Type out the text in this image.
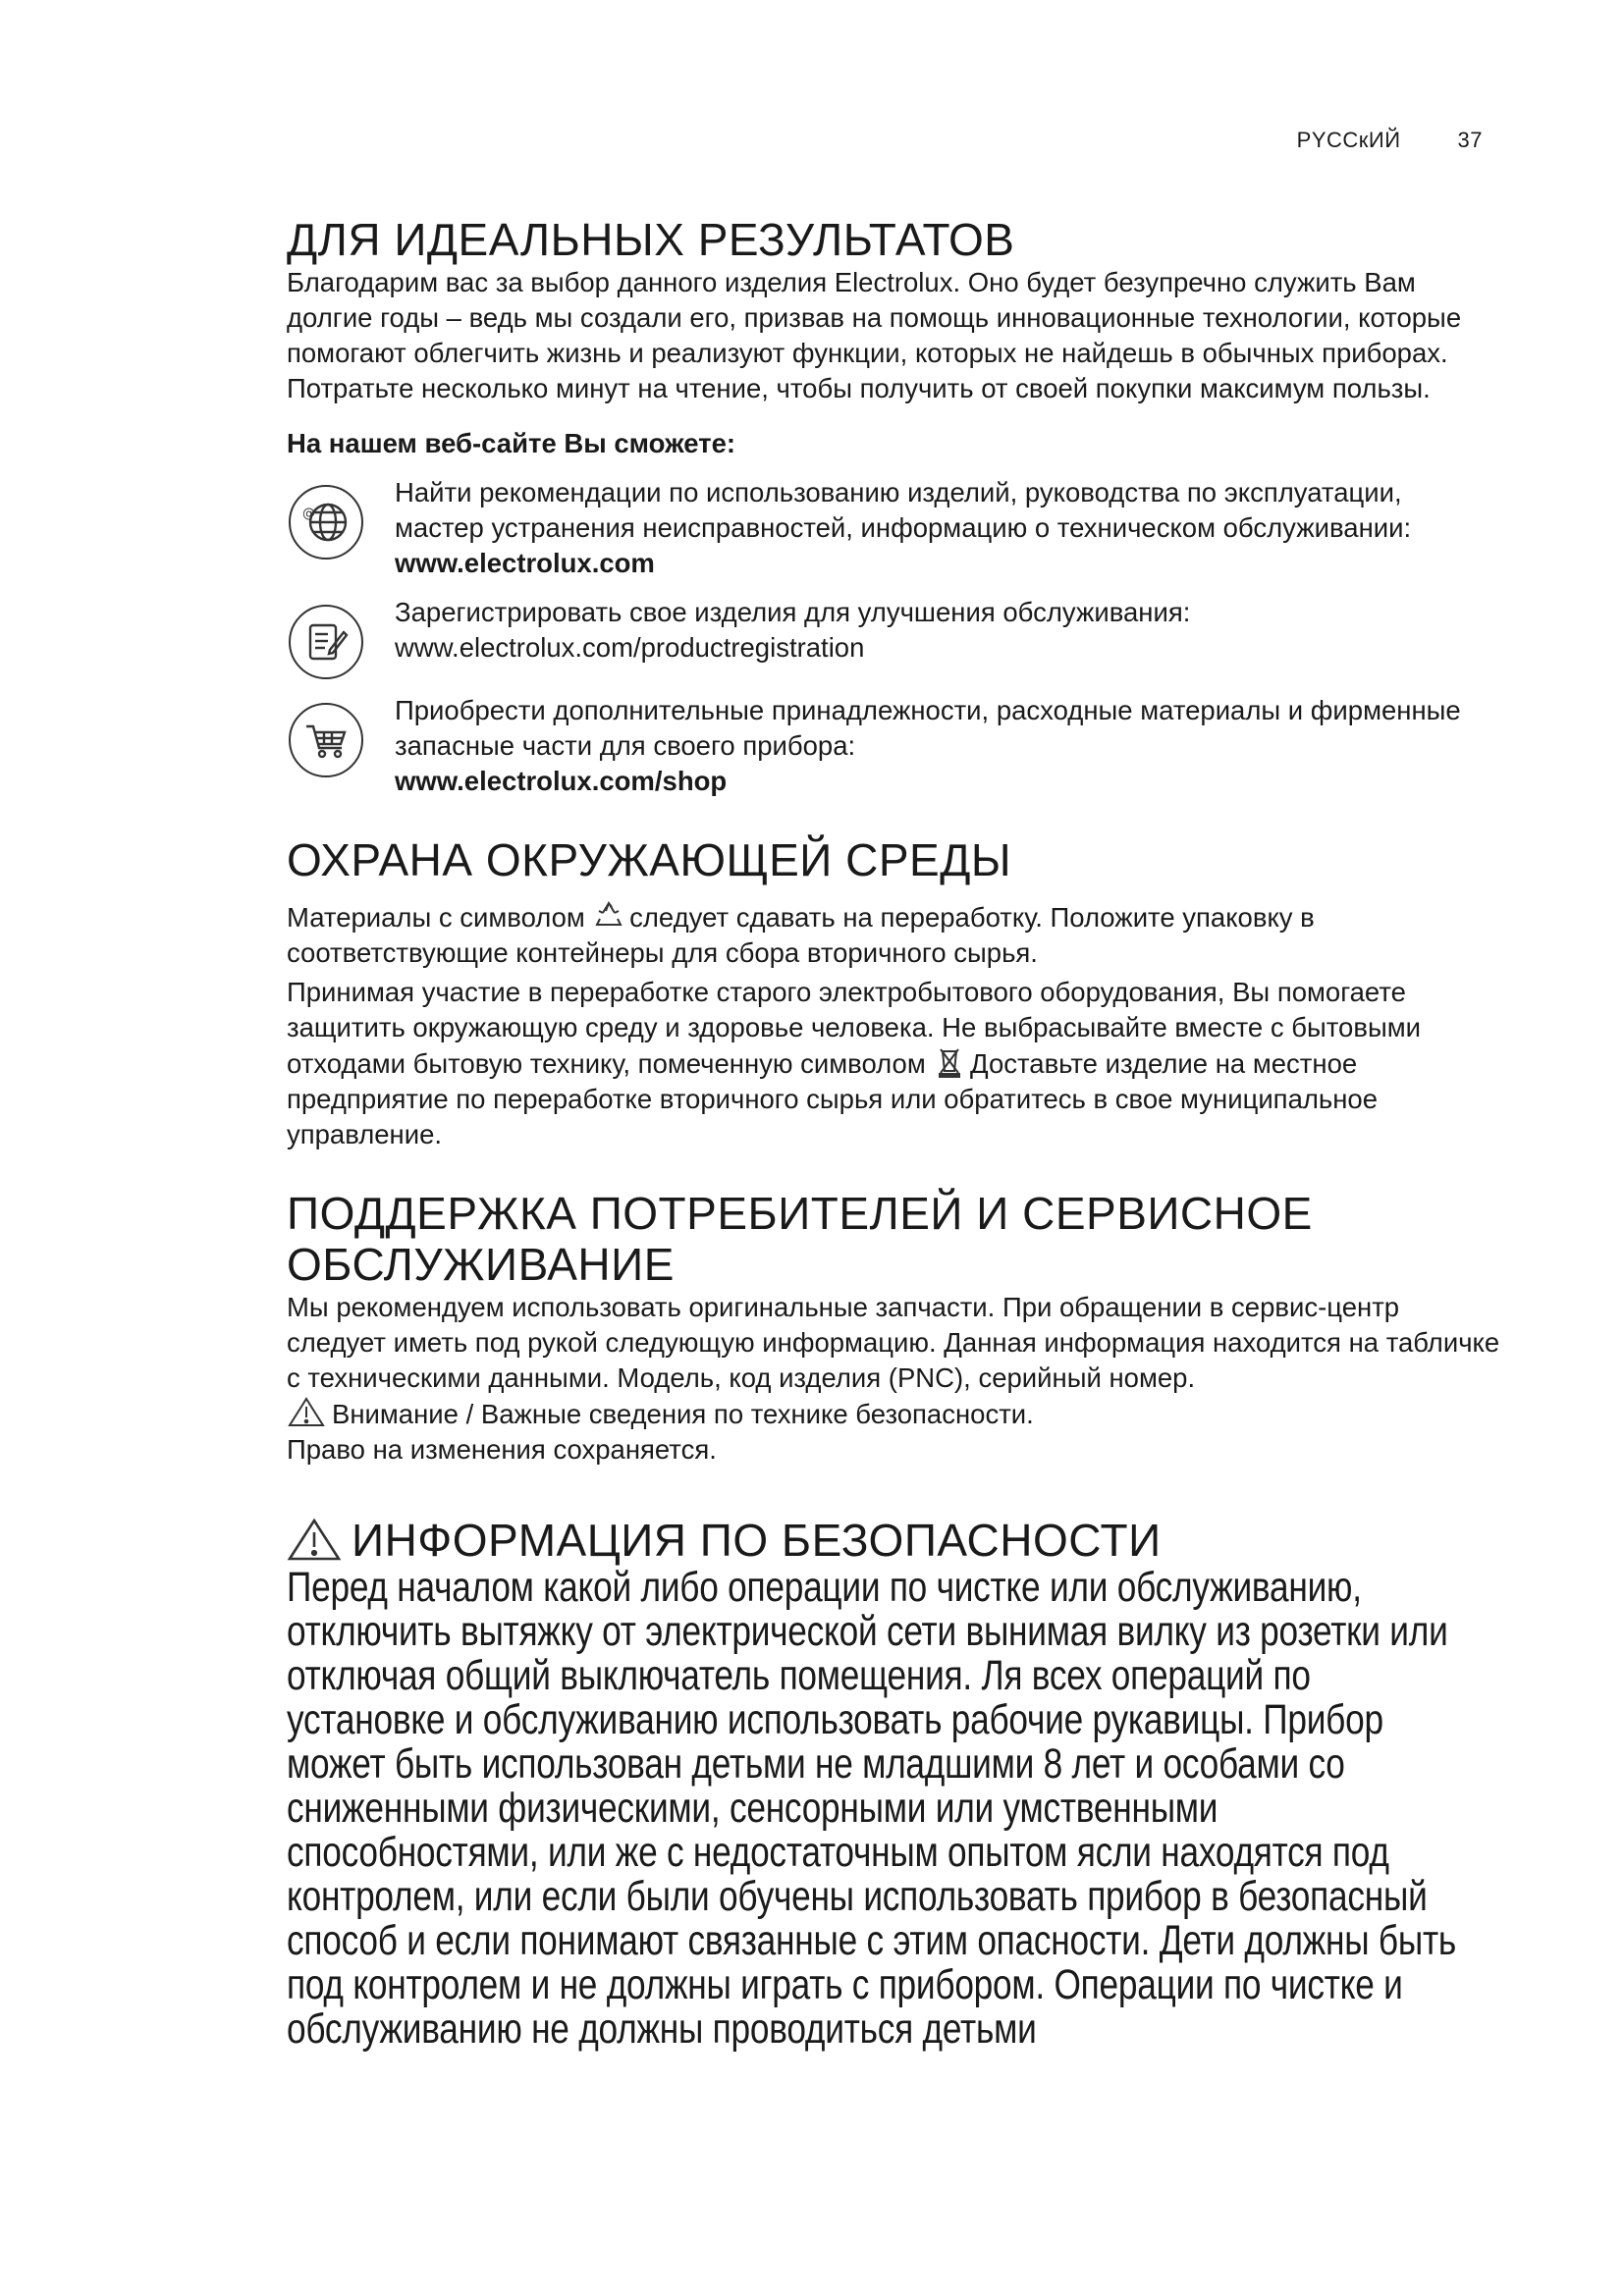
PYCCкИЙ	37
ДЛЯ ИДЕАЛЬНЫХ РЕЗУЛЬТАТОВ

Благодарим вас за выбор данного изделия Electrolux. Оно будет безупречно служить Вам долгие годы – ведь мы создали его, призвав на помощь инновационные технологии, которые помогают облегчить жизнь и реализуют функции, которых не найдешь в обычных приборах. Потратьте несколько минут на чтение, чтобы получить от своей покупки максимум пользы.

На нашем веб-сайте Вы сможете:

@
Найти рекомендации по использованию изделий, руководства по эксплуатации, мастер устранения неисправностей, информацию о техническом обслуживании:
www.electrolux.com
Зарегистрировать свое изделия для улучшения обслуживания:
www.electrolux.com/productregistration
Приобрести дополнительные принадлежности, расходные материалы и фирменные запасные части для своего прибора:
www.electrolux.com/shop
ОХРАНА ОКРУЖАЮЩЕЙ СРЕДЫ

Материалы с символом следует сдавать на переработку. Положите упаковку в соответствующие контейнеры для сбора вторичного сырья.

Принимая участие в переработке старого электробытового оборудования, Вы помогаете защитить окружающую среду и здоровье человека. Не выбрасывайте вместе с бытовыми отходами бытовую технику, помеченную символом Доставьте изделие на местное предприятие по переработке вторичного сырья или обратитесь в свое муниципальное управление.

ПОДДЕРЖКА ПОТРЕБИТЕЛЕЙ И СЕРВИСНОЕ ОБСЛУЖИВАНИЕ

Мы рекомендуем использовать оригинальные запчасти. При обращении в сервис-центр следует иметь под рукой следующую информацию. Данная информация находится на табличке с техническими данными. Модель, код изделия (PNC), серийный номер.

Внимание / Важные сведения по технике безопасности.

Право на изменения сохраняется.

ИНФОРМАЦИЯ ПО БЕЗОПАСНОСТИ

Перед началом какой либо операции по чистке или обслуживанию, отключить вытяжку от электрической сети вынимая вилку из розетки или отключая общий выключатель помещения. Ля всех операций по установке и обслуживанию использовать рабочие рукавицы. Прибор может быть использован детьми не младшими 8 лет и особами со сниженными физическими, сенсорными или умственными способностями, или же с недостаточным опытом ясли находятся под контролем, или если были обучены использовать прибор в безопасный способ и если понимают связанные с этим опасности. Дети должны быть под контролем и не должны играть с прибором. Операции по чистке и обслуживанию не должны проводиться детьми
